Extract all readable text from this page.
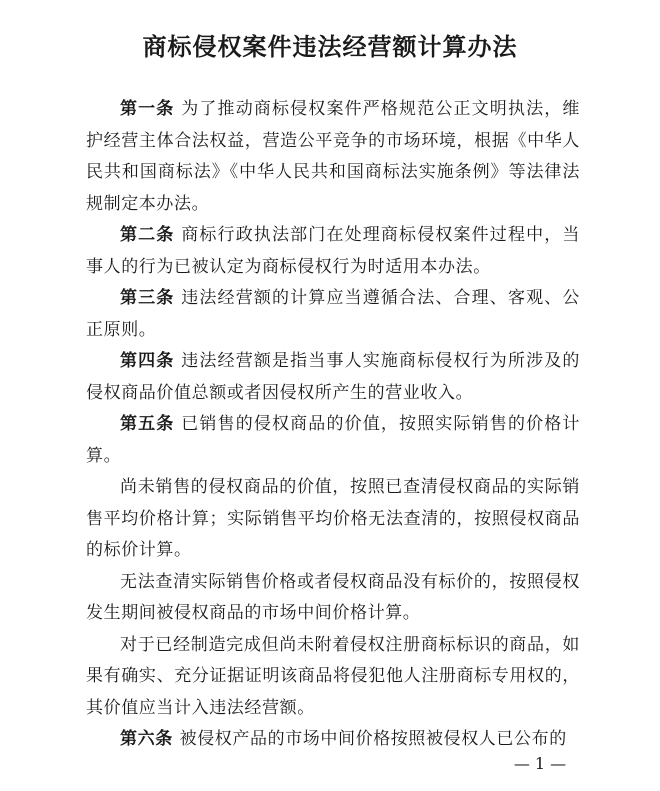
商标侵权案件违法经营额计算办法

第一条 为了推动商标侵权案件严格规范公正文明执法，维护经营主体合法权益，营造公平竞争的市场环境，根据《中华人民共和国商标法》《中华人民共和国商标法实施条例》等法律法规制定本办法。

第二条 商标行政执法部门在处理商标侵权案件过程中，当事人的行为已被认定为商标侵权行为时适用本办法。

第三条 违法经营额的计算应当遵循合法、合理、客观、公正原则。

第四条 违法经营额是指当事人实施商标侵权行为所涉及的侵权商品价值总额或者因侵权所产生的营业收入。

第五条 已销售的侵权商品的价值，按照实际销售的价格计算。

尚未销售的侵权商品的价值，按照已查清侵权商品的实际销售平均价格计算；实际销售平均价格无法查清的，按照侵权商品的标价计算。

无法查清实际销售价格或者侵权商品没有标价的，按照侵权发生期间被侵权商品的市场中间价格计算。

对于已经制造完成但尚未附着侵权注册商标标识的商品，如果有确实、充分证据证明该商品将侵犯他人注册商标专用权的，其价值应当计入违法经营额。

第六条 被侵权产品的市场中间价格按照被侵权人已公布的

— 1 —
